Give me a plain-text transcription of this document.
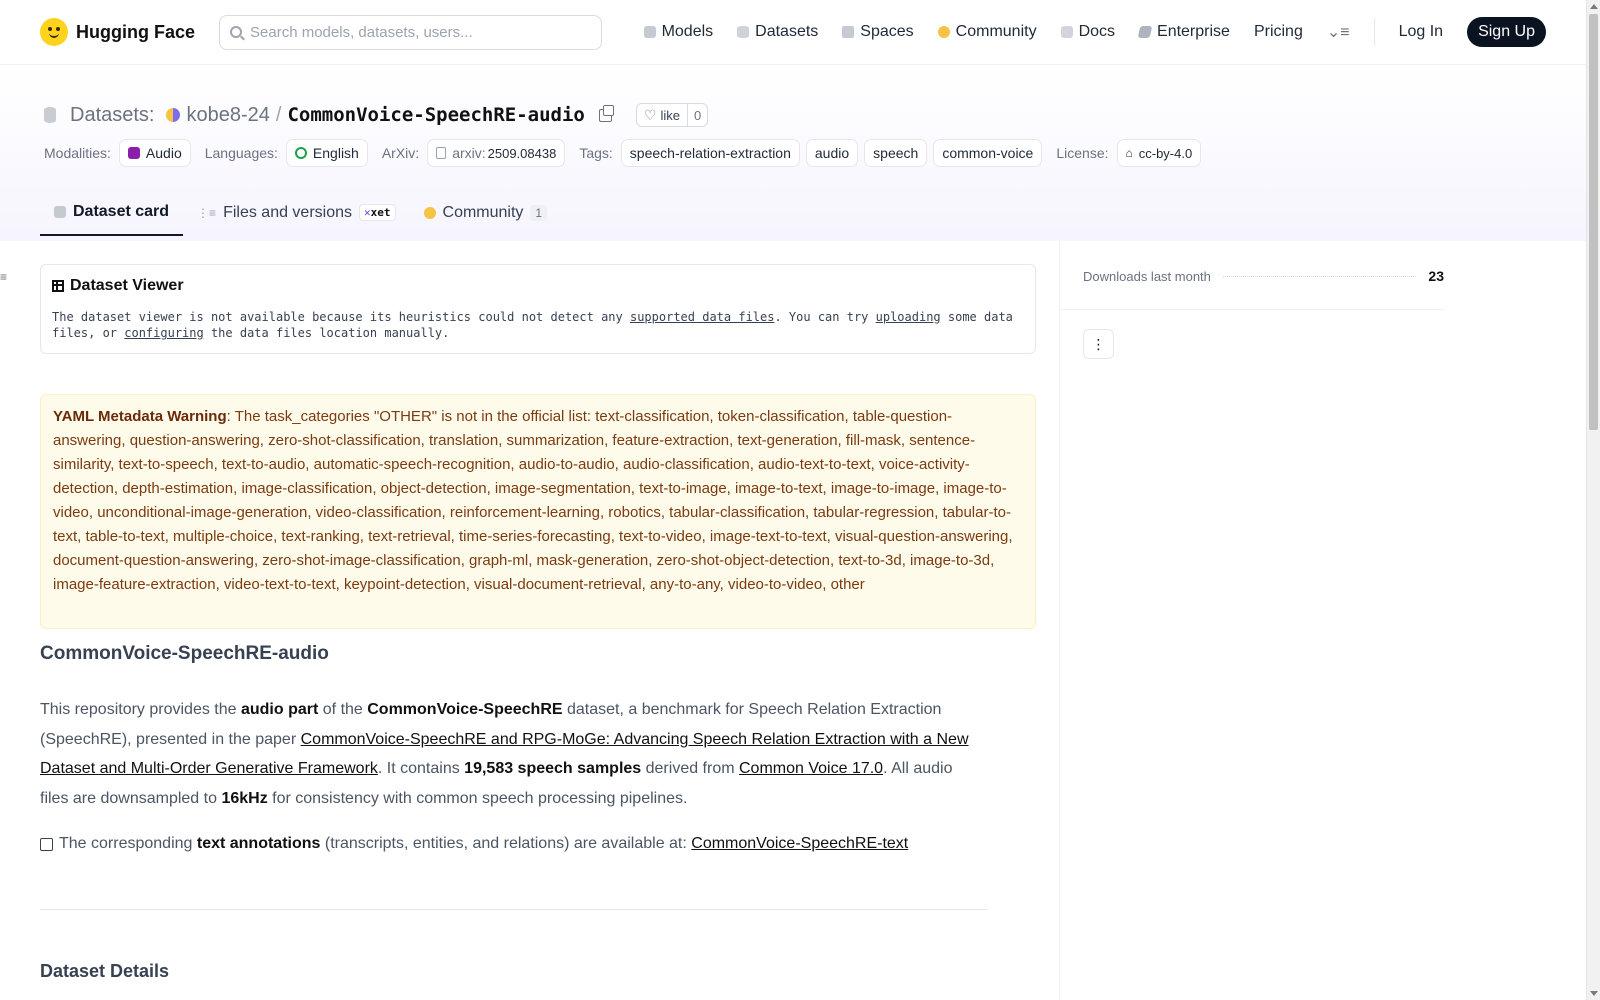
Hugging Face	Search models, datasets, users...	Models	Datasets	Spaces	Community	Docs	Enterprise Pricing ⌄≡	Log In	Sign Up
Datasets: kobe8-24 / CommonVoice-SpeechRE-audio	♡ like	0
Modalities:	Audio Languages:	English ArXiv: arxiv: 2509.08438 Tags:	speech-relation-extraction	audio	speech	common-voice	License: ⌂ cc-by-4.0
Dataset card ⋮≡ Files and versions	✕xet	Community	1
≡	Dataset Viewer
The dataset viewer is not available because its heuristics could not detect any supported data files. You can try uploading some data files, or configuring the data files location manually.
YAML Metadata Warning: The task_categories "OTHER" is not in the official list: text-classification, token-classification, table-question-answering, question-answering, zero-shot-classification, translation, summarization, feature-extraction, text-generation, fill-mask, sentence-similarity, text-to-speech, text-to-audio, automatic-speech-recognition, audio-to-audio, audio-classification, audio-text-to-text, voice-activity-detection, depth-estimation, image-classification, object-detection, image-segmentation, text-to-image, image-to-text, image-to-image, image-to-video, unconditional-image-generation, video-classification, reinforcement-learning, robotics, tabular-classification, tabular-regression, tabular-to-text, table-to-text, multiple-choice, text-ranking, text-retrieval, time-series-forecasting, text-to-video, image-text-to-text, visual-question-answering, document-question-answering, zero-shot-image-classification, graph-ml, mask-generation, zero-shot-object-detection, text-to-3d, image-to-3d, image-feature-extraction, video-text-to-text, keypoint-detection, visual-document-retrieval, any-to-any, video-to-video, other
CommonVoice-SpeechRE-audio
This repository provides the audio part of the CommonVoice-SpeechRE dataset, a benchmark for Speech Relation Extraction (SpeechRE), presented in the paper CommonVoice-SpeechRE and RPG-MoGe: Advancing Speech Relation Extraction with a New Dataset and Multi-Order Generative Framework. It contains 19,583 speech samples derived from Common Voice 17.0. All audio files are downsampled to 16kHz for consistency with common speech processing pipelines.
The corresponding text annotations (transcripts, entities, and relations) are available at: CommonVoice-SpeechRE-text
Dataset Details
Downloads last month	23
⋮
